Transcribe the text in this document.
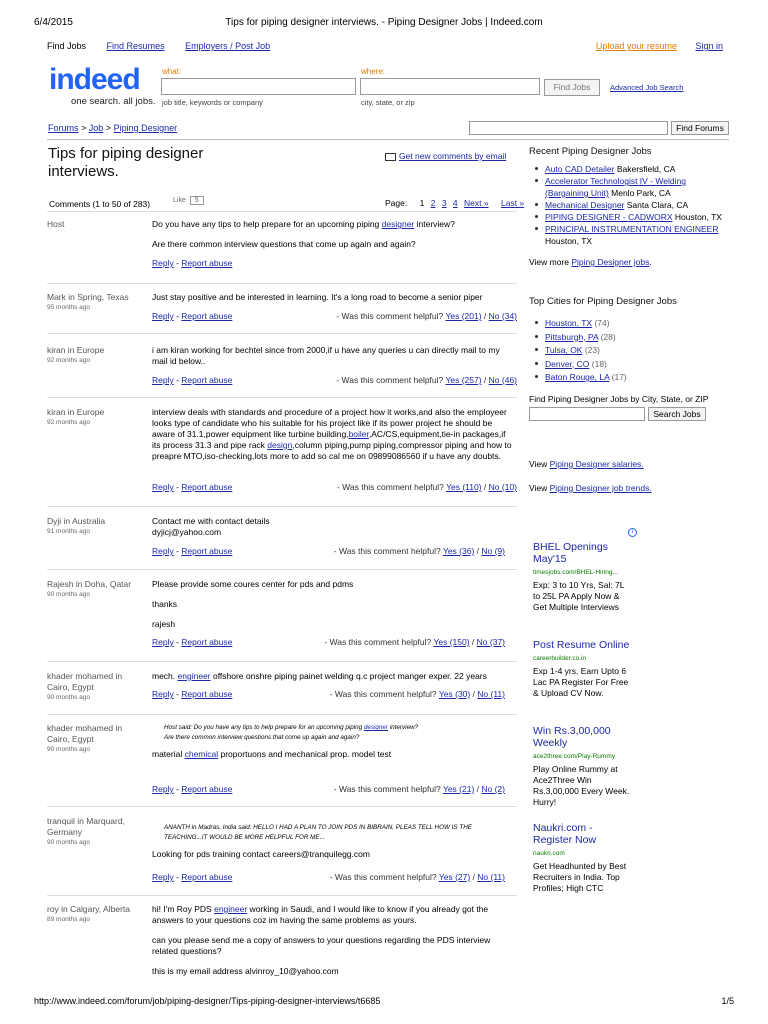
6/4/2015	Tips for piping designer interviews. - Piping Designer Jobs | Indeed.com
Find Jobs Find Resumes Employers / Post Job	Upload your resume Sign in
indeed
one search. all jobs.
what:
job title, keywords or company
where:
city, state, or zip
Find Jobs	Advanced Job Search
Forums > Job > Piping Designer	Find Forums
Tips for piping designer interviews.
Get new comments by email
Comments (1 to 50 of 283)	Like 5	Page: 1 2 3 4 Next » Last »
Host	Do you have any tips to help prepare for an upcoming piping designer interview?

Are there common interview questions that come up again and again?

Reply - Report abuse
Mark in Spring, Texas
95 months ago

Just stay positive and be interested in learning. It's a long road to become a senior piper

Reply - Report abuse	- Was this comment helpful? Yes (201) / No (34)
kiran in Europe
92 months ago

i am kiran working for bechtel since from 2000,if u have any queries u can directly mail to my mail id below..

Reply - Report abuse	- Was this comment helpful? Yes (257) / No (46)
kiran in Europe
92 months ago

interview deals with standards and procedure of a project how it works,and also the employeer looks type of candidate who his suitable for his project like if its power project he should be aware of 31.1,power equipment like turbine building,boiler,AC/CS,equipment,tie-in packages,if its process 31.3 and pipe rack design,column piping,pump piping,compressor piping and how to preapre MTO,iso-checking,lots more to add so cal me on 09899086560 if u have any doubts.

Reply - Report abuse	- Was this comment helpful? Yes (110) / No (10)
Dyji in Australia
91 months ago

Contact me with contact details

dyjicj@yahoo.com

Reply - Report abuse	- Was this comment helpful? Yes (36) / No (9)
Rajesh in Doha, Qatar
90 months ago

Please provide some coures center for pds and pdms

thanks

rajesh

Reply - Report abuse	- Was this comment helpful? Yes (150) / No (37)
khader mohamed in Cairo, Egypt
90 months ago

mech. engineer offshore onshre piping painet welding q.c project manger exper. 22 years

Reply - Report abuse	- Was this comment helpful? Yes (30) / No (11)
khader mohamed in Cairo, Egypt
90 months ago
Host said: Do you have any tips to help prepare for an upcoming piping designer interview?
Are there common interview questions that come up again and again?

material chemical proportuons and mechanical prop. model test

Reply - Report abuse	- Was this comment helpful? Yes (21) / No (2)
tranquil in Marquard, Germany
90 months ago
ANANTH in Madras, India said: HELLO I HAD A PLAN TO JOIN PDS IN BIBRAIN, PLEAS TELL HOW IS THE TEACHING...IT WOULD BE MORE HELPFUL FOR ME...

Looking for pds training contact careers@tranquilegg.com

Reply - Report abuse	- Was this comment helpful? Yes (27) / No (11)
roy in Calgary, Alberta
89 months ago

hi! I'm Roy PDS engineer working in Saudi, and I would like to know if you already got the answers to your questions coz im having the same problems as yours.

can you please send me a copy of answers to your questions regarding the PDS interview related questions?

this is my email address alvinroy_10@yahoo.com

Recent Piping Designer Jobs
Auto CAD Detailer Bakersfield, CA
Accelerator Technologist IV - Welding (Bargaining Unit) Menlo Park, CA
Mechanical Designer Santa Clara, CA
PIPING DESIGNER - CADWORX Houston, TX
PRINCIPAL INSTRUMENTATION ENGINEER Houston, TX
View more Piping Designer jobs.
Top Cities for Piping Designer Jobs
Houston, TX (74)
Pittsburgh, PA (28)
Tulsa, OK (23)
Denver, CO (18)
Baton Rouge, LA (17)
Find Piping Designer Jobs by City, State, or ZIP
Search Jobs
View Piping Designer salaries.
View Piping Designer job trends.
i
BHEL Openings May'15
timesjobs.com/BHEL-Hiring...
Exp: 3 to 10 Yrs, Sal: 7L to 25L PA Apply Now & Get Multiple Interviews
Post Resume Online
careerbuilder.co.in
Exp 1-4 yrs, Earn Upto 6 Lac PA Register For Free & Upload CV Now.
Win Rs.3,00,000 Weekly
ace2three.com/Play-Rummy
Play Online Rummy at Ace2Three Win Rs.3,00,000 Every Week. Hurry!
Naukri.com - Register Now
naukri.com
Get Headhunted by Best Recruiters in India. Top Profiles; High CTC
http://www.indeed.com/forum/job/piping-designer/Tips-piping-designer-interviews/t6685	1/5
